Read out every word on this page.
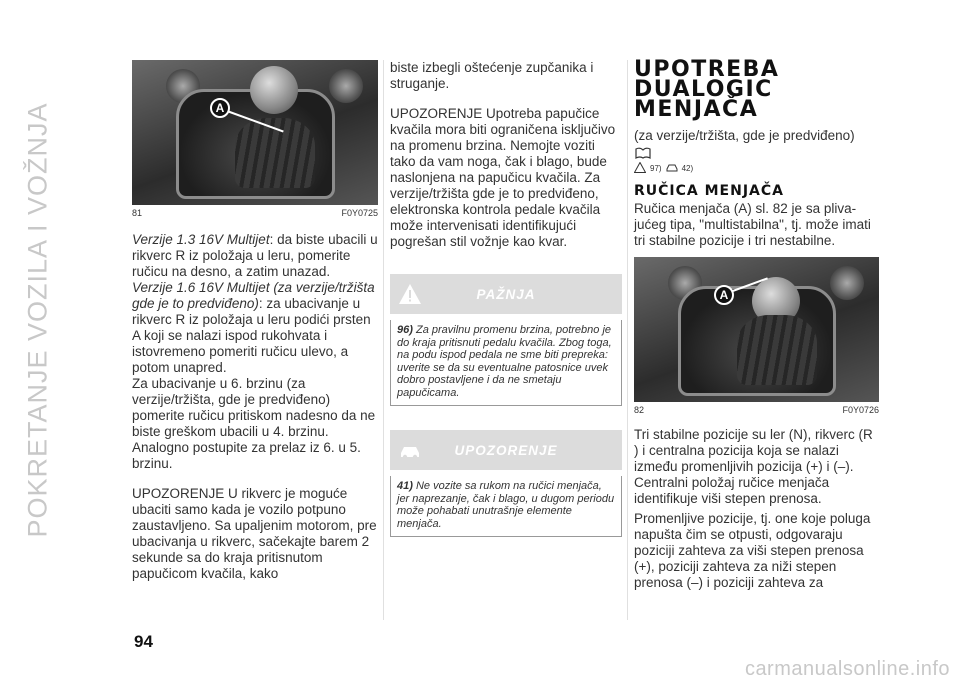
POKRETANJE VOZILA I VOŽNJA	A
81	F0Y0725

Verzije 1.3 16V Multijet: da biste ubacili u rikverc R iz položaja u leru, pomerite ručicu na desno, a zatim unazad.

Verzije 1.6 16V Multijet (za verzije/tržišta gde je to predviđeno): za ubacivanje u rikverc R iz položaja u leru podići prsten A koji se nalazi ispod rukohvata i istovremeno pomeriti ručicu ulevo, a potom unapred.

Za ubacivanje u 6. brzinu (za verzije/tržišta, gde je predviđeno) pomerite ručicu pritiskom nadesno da ne biste greškom ubacili u 4. brzinu. Analogno postupite za prelaz iz 6. u 5. brzinu.

UPOZORENJE U rikverc je moguće ubaciti samo kada je vozilo potpuno zaustavljeno. Sa upaljenim motorom, pre ubacivanja u rikverc, sačekajte barem 2 sekunde sa do kraja pritisnutom papučicom kvačila, kako

biste izbegli oštećenje zupčanika i struganje.

UPOZORENJE Upotreba papučice kvačila mora biti ograničena isključivo na promenu brzina. Nemojte voziti tako da vam noga, čak i blago, bude naslonjena na papučicu kvačila. Za verzije/tržišta gde je to predviđeno, elektronska kontrola pedale kvačila može intervenisati identifikujući pogrešan stil vožnje kao kvar.

PAŽNJA
96) Za pravilnu promenu brzina, potrebno je do kraja pritisnuti pedalu kvačila. Zbog toga, na podu ispod pedala ne sme biti prepreka: uverite se da su eventualne patosnice uvek dobro postavljene i da ne smetaju papučicama.
UPOZORENJE
41) Ne vozite sa rukom na ručici menjača, jer naprezanje, čak i blago, u dugom periodu može pohabati unutrašnje elemente menjača.
UPOTREBA
DUALOGIC
MENJAČA

(za verzije/tržišta, gde je predviđeno)

97)	42)
RUČICA MENJAČA

Ručica menjača (A) sl. 82 je sa plivajućeg tipa, "multistabilna", tj. može imati tri stabilne pozicije i tri nestabilne.

A
82	F0Y0726

Tri stabilne pozicije su ler (N), rikverc (R ) i centralna pozicija koja se nalazi između promenljivih pozicija (+) i (–). Centralni položaj ručice menjača identifikuje viši stepen prenosa.

Promenljive pozicije, tj. one koje poluga napušta čim se otpusti, odgovaraju poziciji zahteva za viši stepen prenosa (+), poziciji zahteva za niži stepen prenosa (–) i poziciji zahteva za

94
carmanualsonline.info
